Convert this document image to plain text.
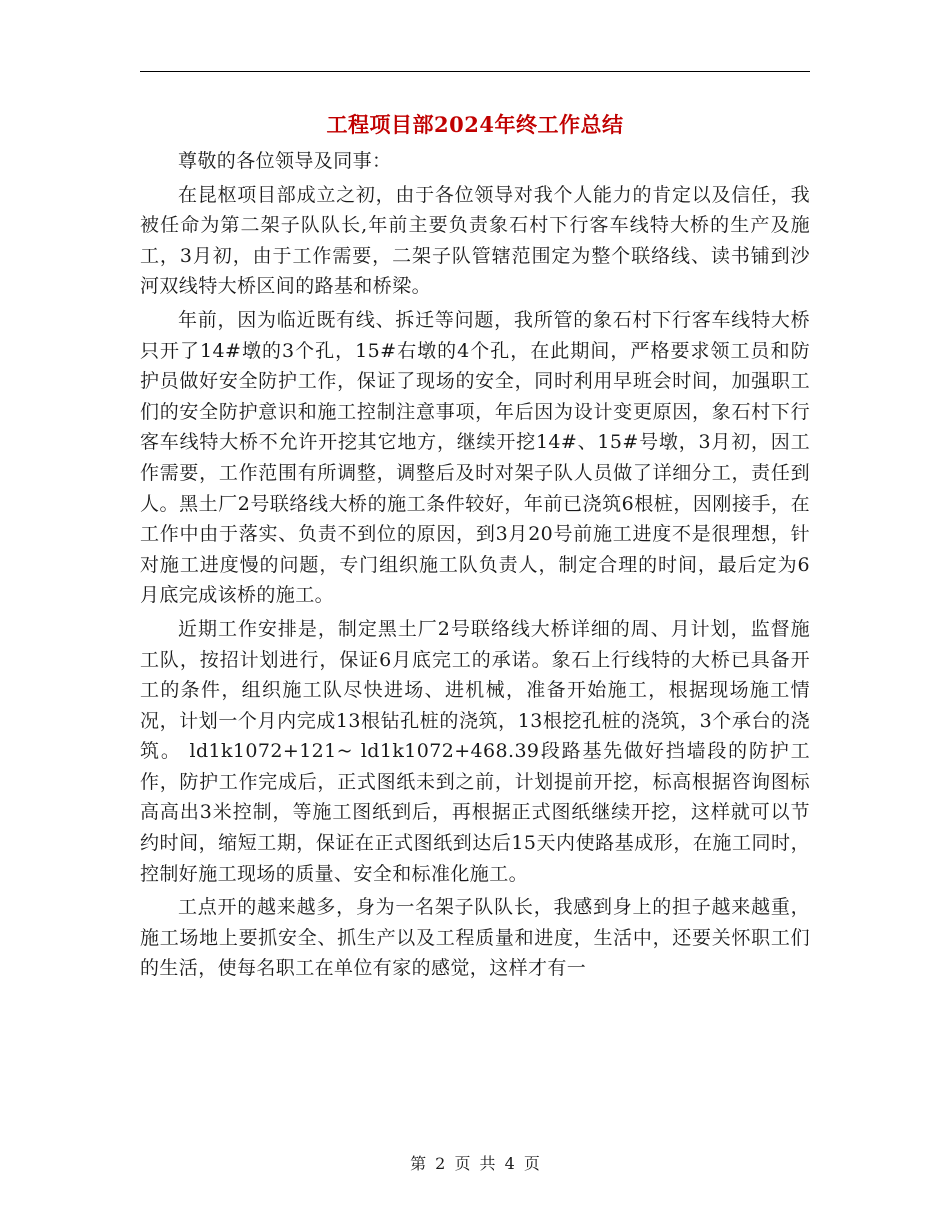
工程项目部2024年终工作总结

尊敬的各位领导及同事：

在昆枢项目部成立之初，由于各位领导对我个人能力的肯定以及信任，我被任命为第二架子队队长,年前主要负责象石村下行客车线特大桥的生产及施工，3月初，由于工作需要，二架子队管辖范围定为整个联络线、读书铺到沙河双线特大桥区间的路基和桥梁。

年前，因为临近既有线、拆迁等问题，我所管的象石村下行客车线特大桥只开了14#墩的3个孔，15#右墩的4个孔，在此期间，严格要求领工员和防护员做好安全防护工作，保证了现场的安全，同时利用早班会时间，加强职工们的安全防护意识和施工控制注意事项，年后因为设计变更原因，象石村下行客车线特大桥不允许开挖其它地方，继续开挖14#、15#号墩，3月初，因工作需要，工作范围有所调整，调整后及时对架子队人员做了详细分工，责任到人。黑土厂2号联络线大桥的施工条件较好，年前已浇筑6根桩，因刚接手，在工作中由于落实、负责不到位的原因，到3月20号前施工进度不是很理想，针对施工进度慢的问题，专门组织施工队负责人，制定合理的时间，最后定为6月底完成该桥的施工。

近期工作安排是，制定黑土厂2号联络线大桥详细的周、月计划，监督施工队，按招计划进行，保证6月底完工的承诺。象石上行线特的大桥已具备开工的条件，组织施工队尽快进场、进机械，准备开始施工，根据现场施工情况，计划一个月内完成13根钻孔桩的浇筑，13根挖孔桩的浇筑，3个承台的浇筑。 ld1k1072+121~ ld1k1072+468.39段路基先做好挡墙段的防护工作，防护工作完成后，正式图纸未到之前，计划提前开挖，标高根据咨询图标高高出3米控制，等施工图纸到后，再根据正式图纸继续开挖，这样就可以节约时间，缩短工期，保证在正式图纸到达后15天内使路基成形，在施工同时，控制好施工现场的质量、安全和标准化施工。

工点开的越来越多，身为一名架子队队长，我感到身上的担子越来越重，施工场地上要抓安全、抓生产以及工程质量和进度，生活中，还要关怀职工们的生活，使每名职工在单位有家的感觉，这样才有一

第 2 页 共 4 页
